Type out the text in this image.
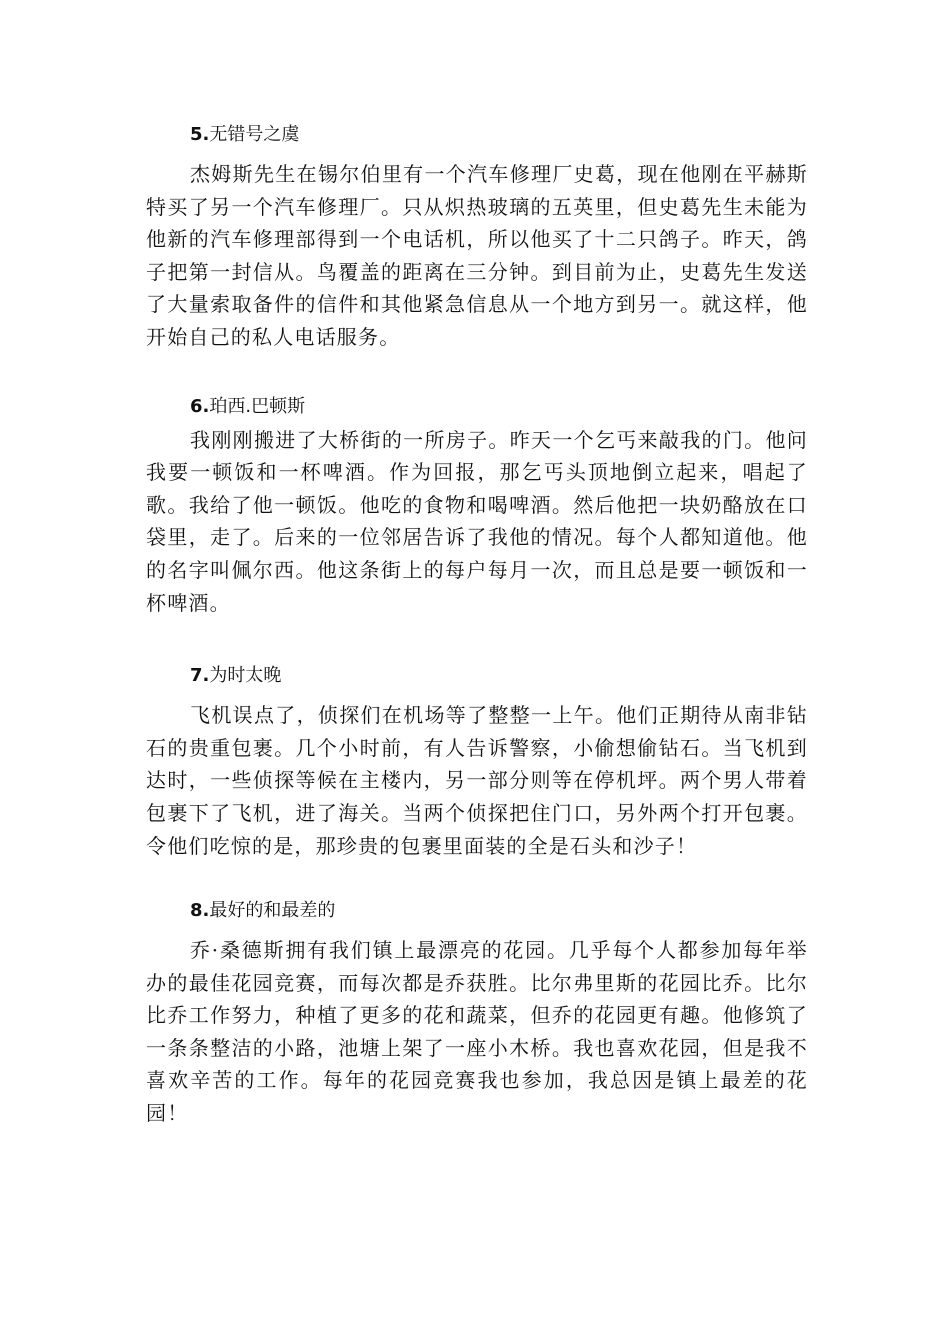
5.无错号之虞

杰姆斯先生在锡尔伯里有一个汽车修理厂史葛，现在他刚在平赫斯特买了另一个汽车修理厂。只从炽热玻璃的五英里，但史葛先生未能为他新的汽车修理部得到一个电话机，所以他买了十二只鸽子。昨天，鸽子把第一封信从。鸟覆盖的距离在三分钟。到目前为止，史葛先生发送了大量索取备件的信件和其他紧急信息从一个地方到另一。就这样，他开始自己的私人电话服务。

6.珀西.巴顿斯

我刚刚搬进了大桥街的一所房子。昨天一个乞丐来敲我的门。他问我要一顿饭和一杯啤酒。作为回报，那乞丐头顶地倒立起来，唱起了歌。我给了他一顿饭。他吃的食物和喝啤酒。然后他把一块奶酪放在口袋里，走了。后来的一位邻居告诉了我他的情况。每个人都知道他。他的名字叫佩尔西。他这条街上的每户每月一次，而且总是要一顿饭和一杯啤酒。

7.为时太晚

飞机误点了，侦探们在机场等了整整一上午。他们正期待从南非钻石的贵重包裹。几个小时前，有人告诉警察，小偷想偷钻石。当飞机到达时，一些侦探等候在主楼内，另一部分则等在停机坪。两个男人带着包裹下了飞机，进了海关。当两个侦探把住门口，另外两个打开包裹。令他们吃惊的是，那珍贵的包裹里面装的全是石头和沙子！

8.最好的和最差的

乔·桑德斯拥有我们镇上最漂亮的花园。几乎每个人都参加每年举办的最佳花园竞赛，而每次都是乔获胜。比尔弗里斯的花园比乔。比尔比乔工作努力，种植了更多的花和蔬菜，但乔的花园更有趣。他修筑了一条条整洁的小路，池塘上架了一座小木桥。我也喜欢花园，但是我不喜欢辛苦的工作。每年的花园竞赛我也参加，我总因是镇上最差的花园！
